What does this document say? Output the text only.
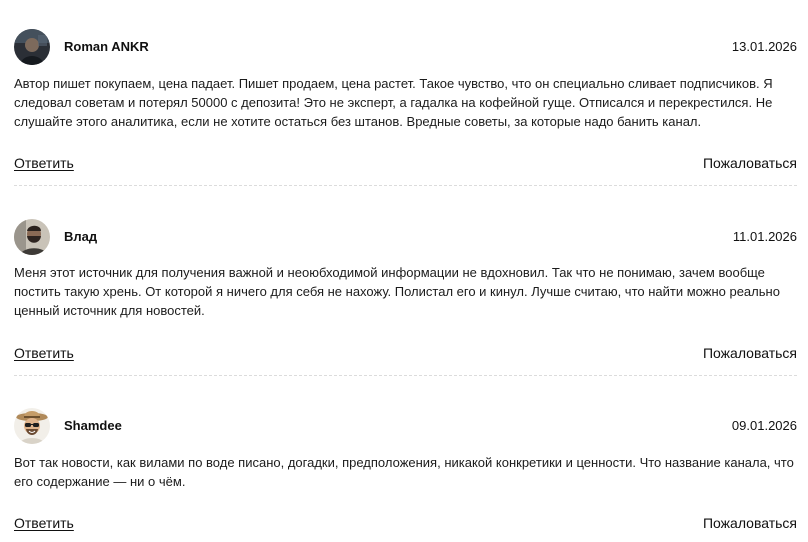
Roman ANKR	13.01.2026

Автор пишет покупаем, цена падает. Пишет продаем, цена растет. Такое чувство, что он специально сливает подписчиков. Я следовал советам и потерял 50000 с депозита! Это не эксперт, а гадалка на кофейной гуще. Отписался и перекрестился. Не слушайте этого аналитика, если не хотите остаться без штанов. Вредные советы, за которые надо банить канал.

Ответить	Пожаловаться
Влад	11.01.2026

Меня этот источник для получения важной и неоюбходимой информации не вдохновил. Так что не понимаю, зачем вообще постить такую хрень. От которой я ничего для себя не нахожу. Полистал его и кинул. Лучше считаю, что найти можно реально ценный источник для новостей.

Ответить	Пожаловаться
Shamdee	09.01.2026

Вот так новости, как вилами по воде писано, догадки, предположения, никакой конкретики и ценности. Что название канала, что его содержание — ни о чём.

Ответить	Пожаловаться
